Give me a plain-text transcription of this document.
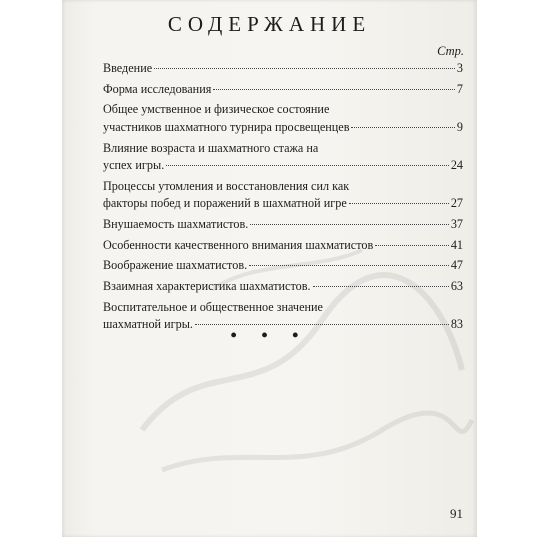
СОДЕРЖАНИЕ
Стр.
Введение	3
Форма исследования	7
Общее умственное и физическое состояние
участников шахматного турнира просвещенцев	9
Влияние возраста и шахматного стажа на
успех игры.	24
Процессы утомления и восстановления сил как
факторы побед и поражений в шахматной игре	27
Внушаемость шахматистов.	37
Особенности качественного внимания шахматистов	41
Воображение шахматистов.	47
Взаимная характеристика шахматистов.	63
Воспитательное и общественное значение
шахматной игры.	83
• • •
91
